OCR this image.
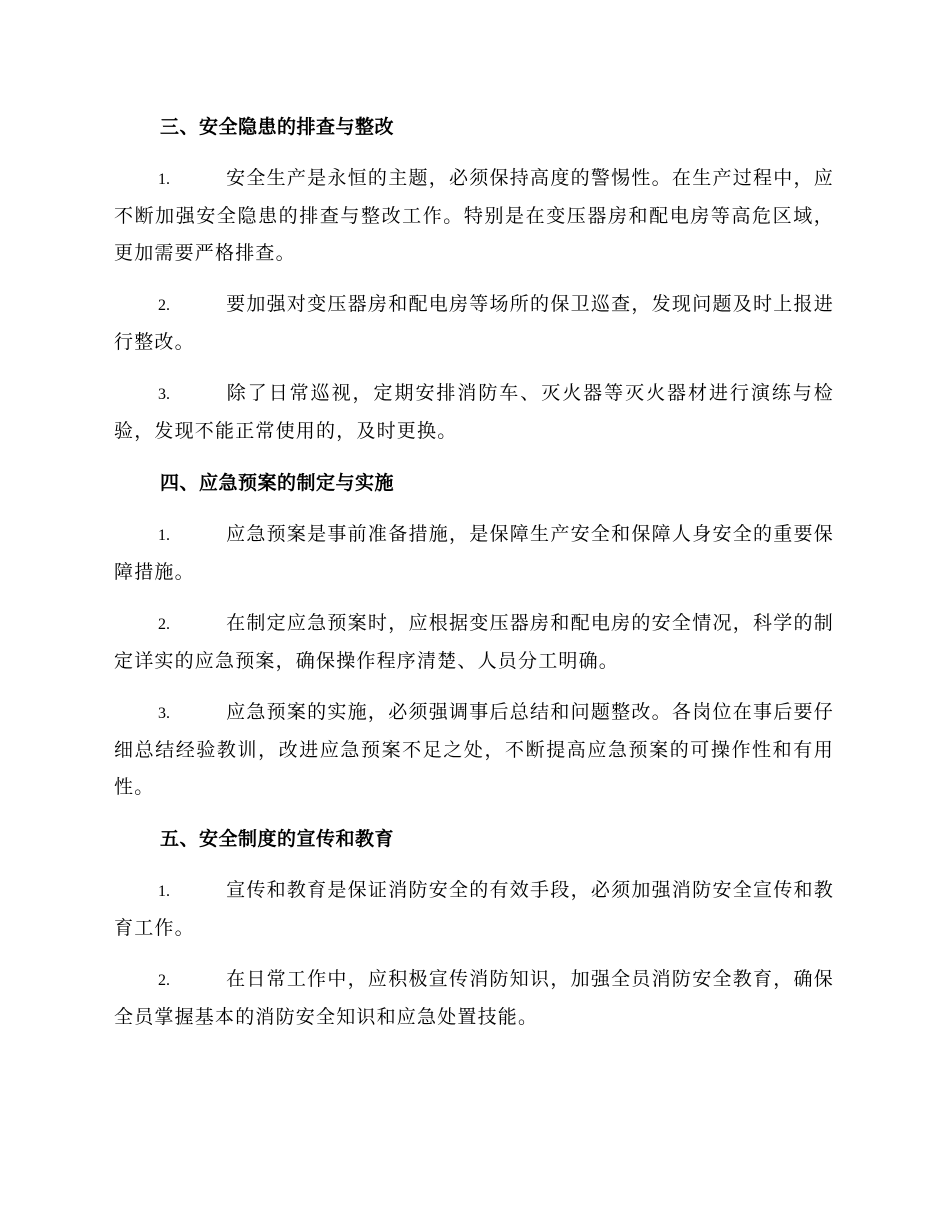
三、安全隐患的排查与整改
1.	安全生产是永恒的主题，必须保持高度的警惕性。在生产过程中，应不断加强安全隐患的排查与整改工作。特别是在变压器房和配电房等高危区域，更加需要严格排查。
2.	要加强对变压器房和配电房等场所的保卫巡查，发现问题及时上报进行整改。
3.	除了日常巡视，定期安排消防车、灭火器等灭火器材进行演练与检验，发现不能正常使用的，及时更换。
四、应急预案的制定与实施
1.	应急预案是事前准备措施，是保障生产安全和保障人身安全的重要保障措施。
2.	在制定应急预案时，应根据变压器房和配电房的安全情况，科学的制定详实的应急预案，确保操作程序清楚、人员分工明确。
3.	应急预案的实施，必须强调事后总结和问题整改。各岗位在事后要仔细总结经验教训，改进应急预案不足之处，不断提高应急预案的可操作性和有用性。
五、安全制度的宣传和教育
1.	宣传和教育是保证消防安全的有效手段，必须加强消防安全宣传和教育工作。
2.	在日常工作中，应积极宣传消防知识，加强全员消防安全教育，确保全员掌握基本的消防安全知识和应急处置技能。
